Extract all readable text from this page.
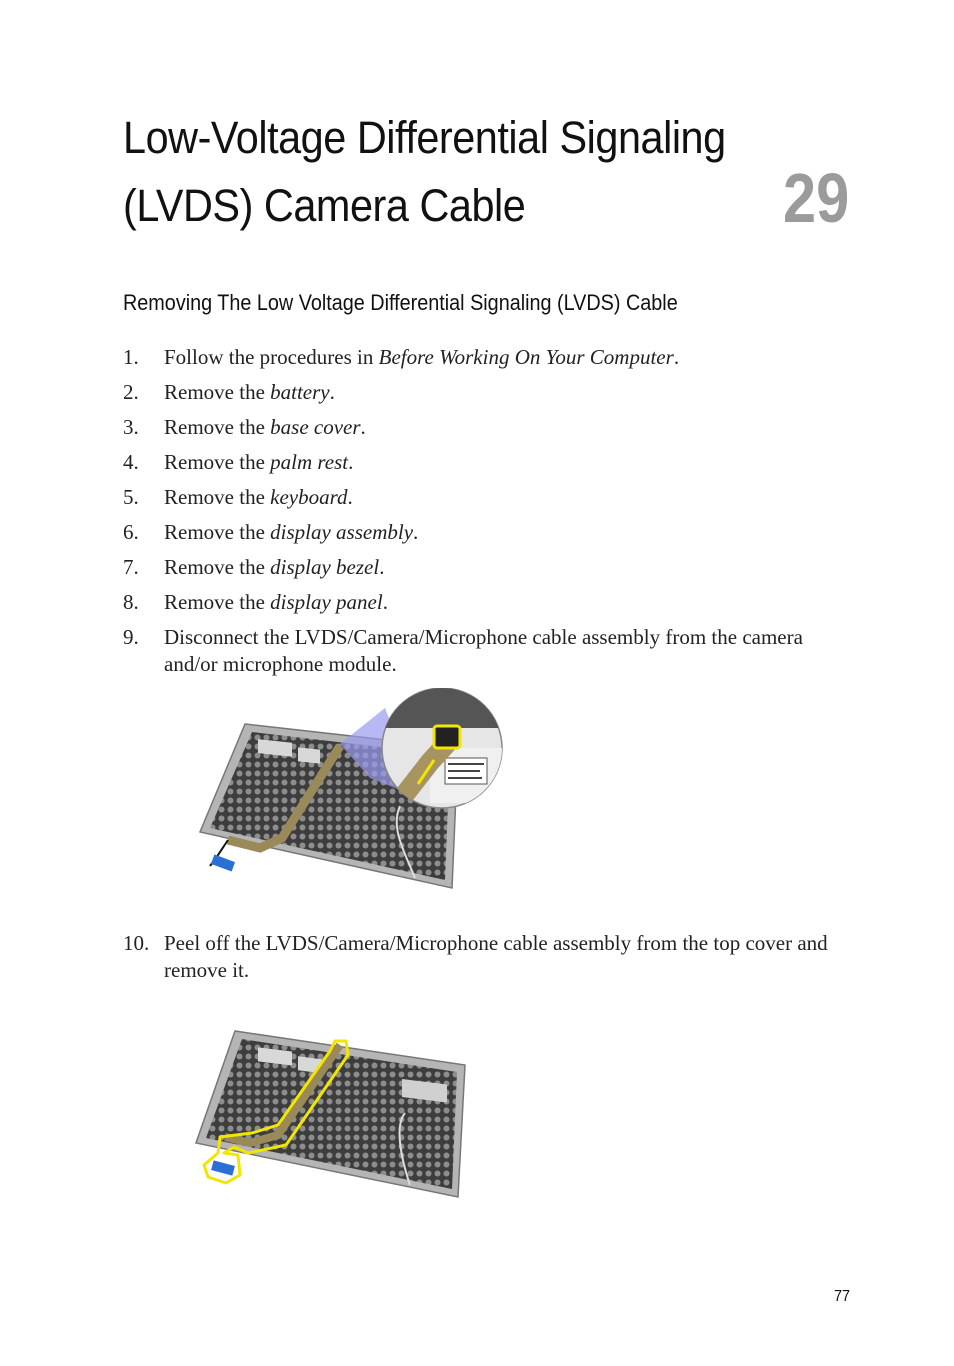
Low-Voltage Differential Signaling
(LVDS) Camera Cable	29
Removing The Low Voltage Differential Signaling (LVDS) Cable
1.	Follow the procedures in Before Working On Your Computer.
2.	Remove the battery.
3.	Remove the base cover.
4.	Remove the palm rest.
5.	Remove the keyboard.
6.	Remove the display assembly.
7.	Remove the display bezel.
8.	Remove the display panel.
9.	Disconnect the LVDS/Camera/Microphone cable assembly from the camera and/or microphone module.
10. Peel off the LVDS/Camera/Microphone cable assembly from the top cover and remove it.
77
